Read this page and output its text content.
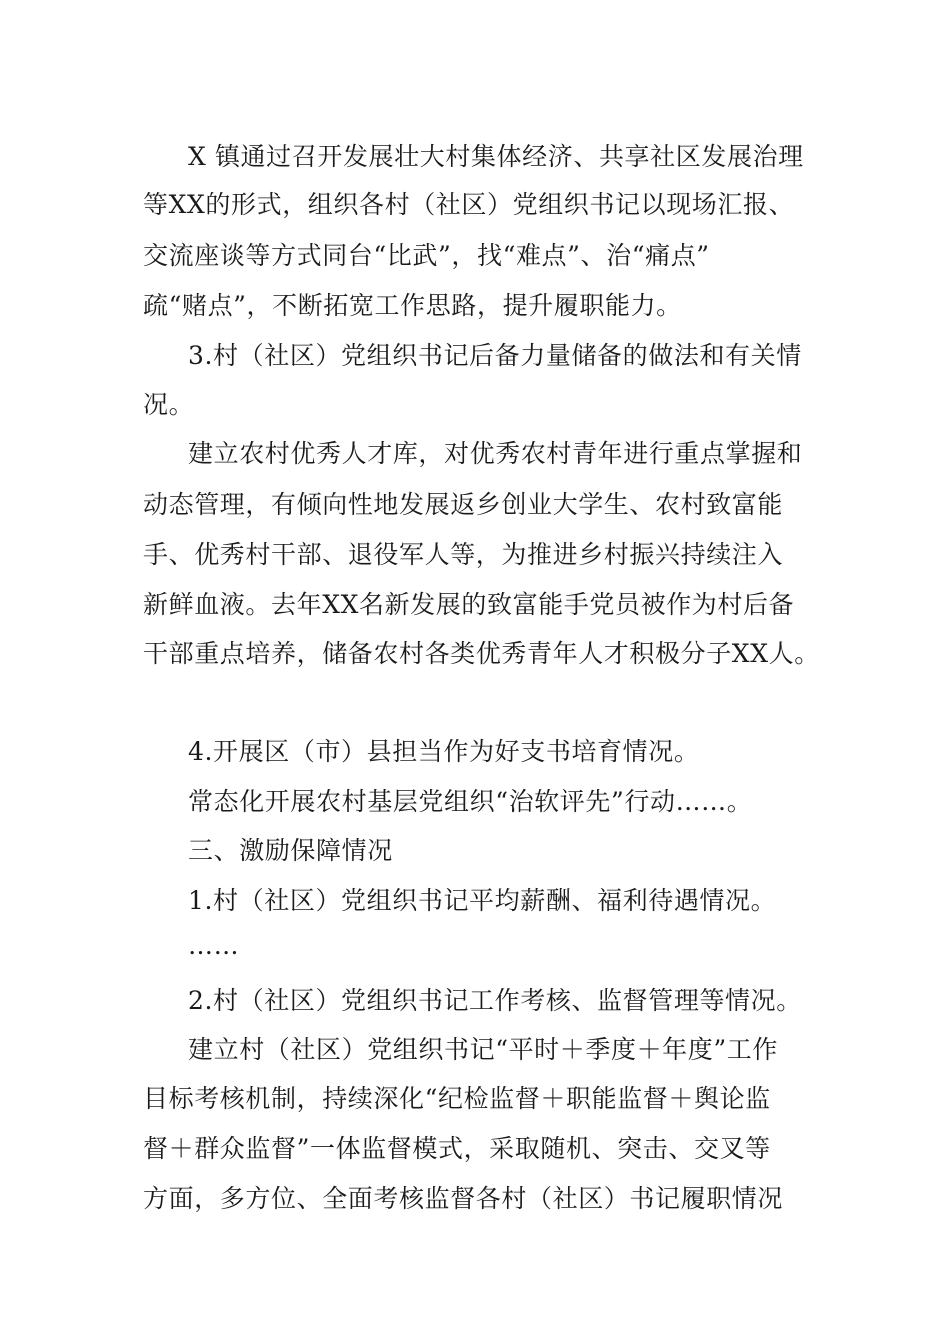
X 镇通过召开发展壮大村集体经济、共享社区发展治理

等XX的形式，组织各村（社区）党组织书记以现场汇报、

交流座谈等方式同台“比武”，找“难点”、治“痛点”

疏“赌点”，不断拓宽工作思路，提升履职能力。

3.村（社区）党组织书记后备力量储备的做法和有关情

况。

建立农村优秀人才库，对优秀农村青年进行重点掌握和

动态管理，有倾向性地发展返乡创业大学生、农村致富能

手、优秀村干部、退役军人等，为推进乡村振兴持续注入

新鲜血液。去年XX名新发展的致富能手党员被作为村后备

干部重点培养，储备农村各类优秀青年人才积极分子XX人。

4.开展区（市）县担当作为好支书培育情况。

常态化开展农村基层党组织“治软评先”行动……。

三、激励保障情况

1.村（社区）党组织书记平均薪酬、福利待遇情况。

……

2.村（社区）党组织书记工作考核、监督管理等情况。

建立村（社区）党组织书记“平时＋季度＋年度”工作

目标考核机制，持续深化“纪检监督＋职能监督＋舆论监

督＋群众监督”一体监督模式，采取随机、突击、交叉等

方面，多方位、全面考核监督各村（社区）书记履职情况
